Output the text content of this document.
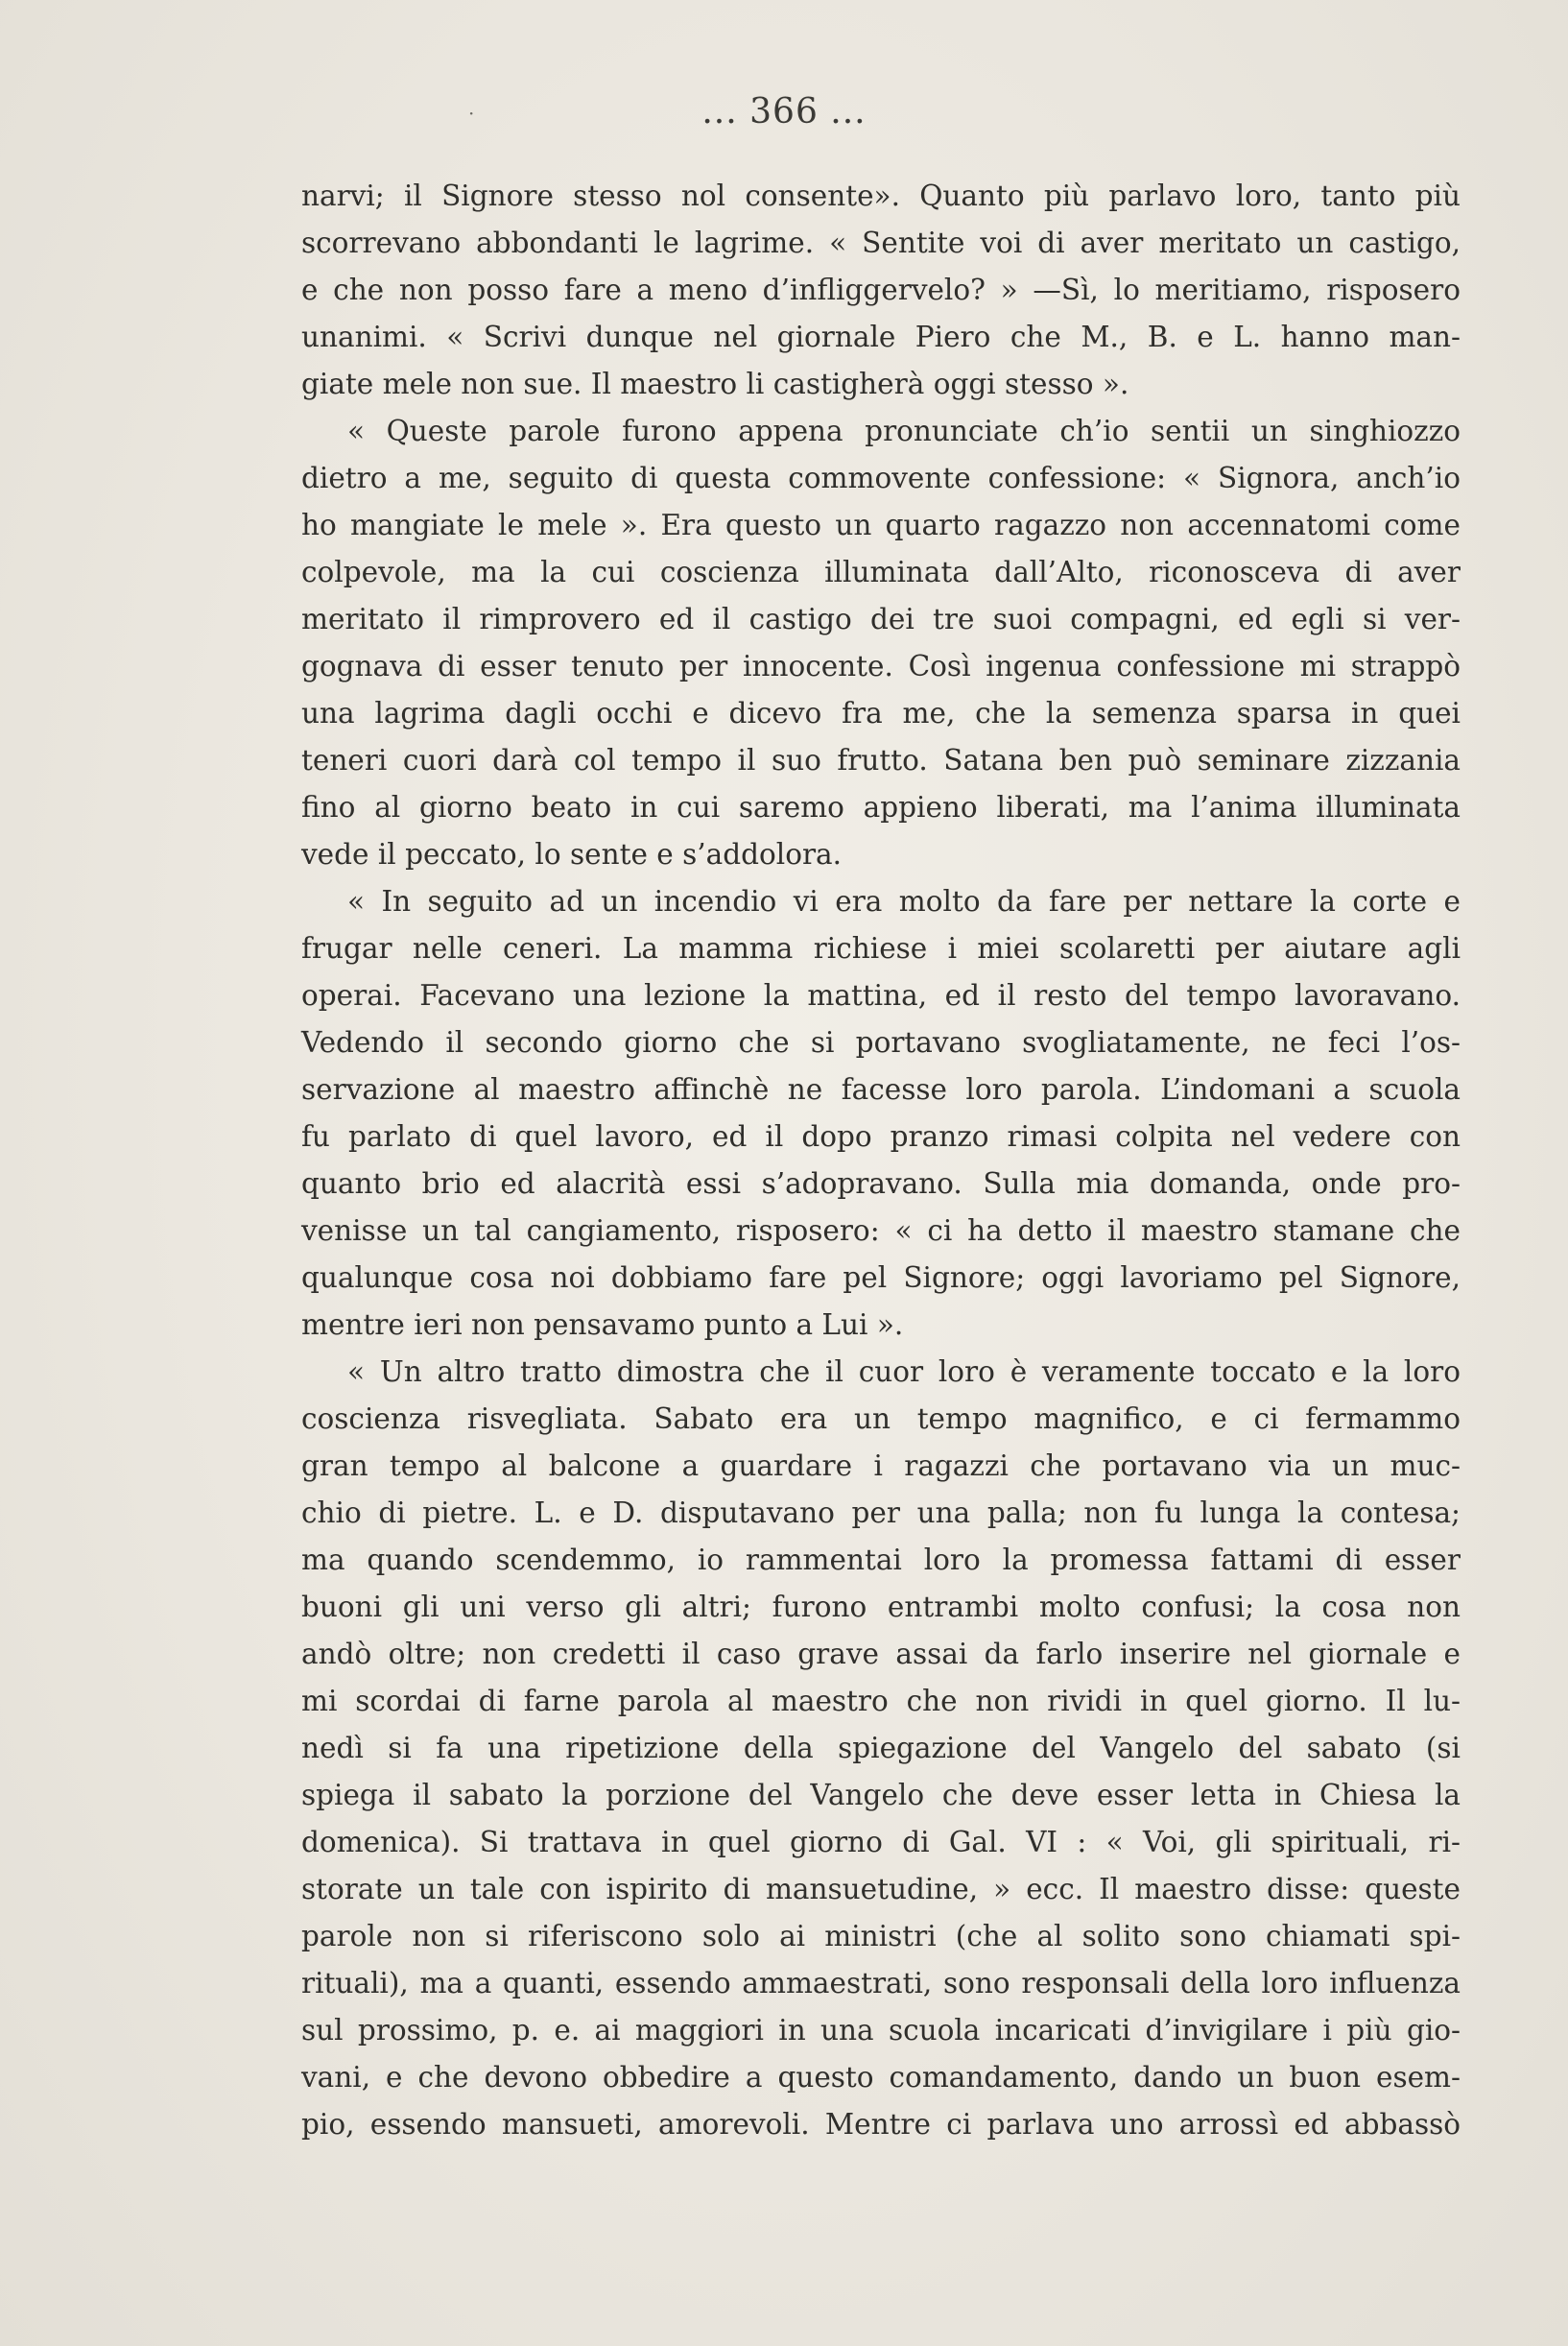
·	... 366 ...
narvi; il Signore stesso nol consente». Quanto più parlavo loro, tanto più
scorrevano abbondanti le lagrime. « Sentite voi di aver meritato un castigo,
e che non posso fare a meno d’infliggervelo? » —Sì, lo meritiamo, risposero
unanimi. « Scrivi dunque nel giornale Piero che M., B. e L. hanno man-
giate mele non sue. Il maestro li castigherà oggi stesso ».
« Queste parole furono appena pronunciate ch’io sentii un singhiozzo
dietro a me, seguito di questa commovente confessione: « Signora, anch’io
ho mangiate le mele ». Era questo un quarto ragazzo non accennatomi come
colpevole, ma la cui coscienza illuminata dall’Alto, riconosceva di aver
meritato il rimprovero ed il castigo dei tre suoi compagni, ed egli si ver-
gognava di esser tenuto per innocente. Così ingenua confessione mi strappò
una lagrima dagli occhi e dicevo fra me, che la semenza sparsa in quei
teneri cuori darà col tempo il suo frutto. Satana ben può seminare zizzania
fino al giorno beato in cui saremo appieno liberati, ma l’anima illuminata
vede il peccato, lo sente e s’addolora.
« In seguito ad un incendio vi era molto da fare per nettare la corte e
frugar nelle ceneri. La mamma richiese i miei scolaretti per aiutare agli
operai. Facevano una lezione la mattina, ed il resto del tempo lavoravano.
Vedendo il secondo giorno che si portavano svogliatamente, ne feci l’os-
servazione al maestro affinchè ne facesse loro parola. L’indomani a scuola
fu parlato di quel lavoro, ed il dopo pranzo rimasi colpita nel vedere con
quanto brio ed alacrità essi s’adopravano. Sulla mia domanda, onde pro-
venisse un tal cangiamento, risposero: « ci ha detto il maestro stamane che
qualunque cosa noi dobbiamo fare pel Signore; oggi lavoriamo pel Signore,
mentre ieri non pensavamo punto a Lui ».
« Un altro tratto dimostra che il cuor loro è veramente toccato e la loro
coscienza risvegliata. Sabato era un tempo magnifico, e ci fermammo
gran tempo al balcone a guardare i ragazzi che portavano via un muc-
chio di pietre. L. e D. disputavano per una palla; non fu lunga la contesa;
ma quando scendemmo, io rammentai loro la promessa fattami di esser
buoni gli uni verso gli altri; furono entrambi molto confusi; la cosa non
andò oltre; non credetti il caso grave assai da farlo inserire nel giornale e
mi scordai di farne parola al maestro che non rividi in quel giorno. Il lu-
nedì si fa una ripetizione della spiegazione del Vangelo del sabato (si
spiega il sabato la porzione del Vangelo che deve esser letta in Chiesa la
domenica). Si trattava in quel giorno di Gal. VI : « Voi, gli spirituali, ri-
storate un tale con ispirito di mansuetudine, » ecc. Il maestro disse: queste
parole non si riferiscono solo ai ministri (che al solito sono chiamati spi-
rituali), ma a quanti, essendo ammaestrati, sono responsali della loro influenza
sul prossimo, p. e. ai maggiori in una scuola incaricati d’invigilare i più gio-
vani, e che devono obbedire a questo comandamento, dando un buon esem-
pio, essendo mansueti, amorevoli. Mentre ci parlava uno arrossì ed abbassò
